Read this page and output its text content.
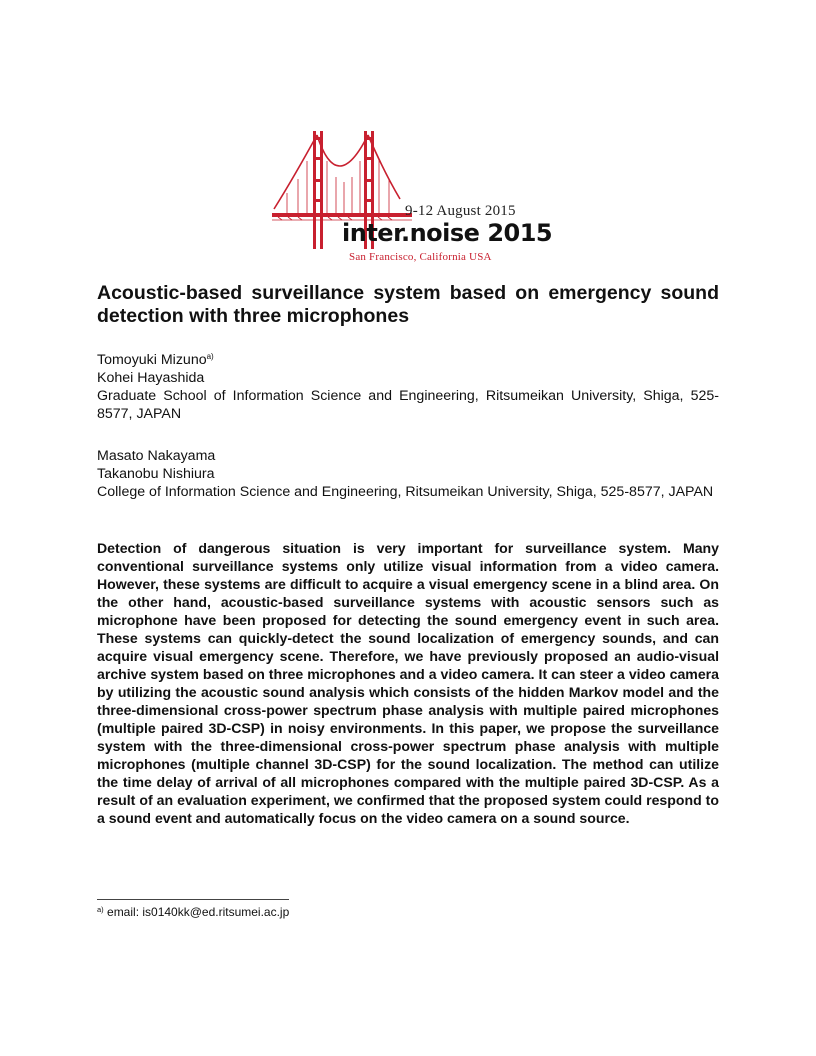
9-12 August 2015
inter.noise 2015
San Francisco, California USA
Acoustic-based surveillance system based on emergency sound detection with three microphones
Tomoyuki Mizuno$^{a)}$
Kohei Hayashida
Graduate School of Information Science and Engineering, Ritsumeikan University, Shiga, 525-8577, JAPAN
Masato Nakayama
Takanobu Nishiura
College of Information Science and Engineering, Ritsumeikan University, Shiga, 525-8577, JAPAN

Detection of dangerous situation is very important for surveillance system. Many conventional surveillance systems only utilize visual information from a video camera. However, these systems are difficult to acquire a visual emergency scene in a blind area. On the other hand, acoustic-based surveillance systems with acoustic sensors such as microphone have been proposed for detecting the sound emergency event in such area. These systems can quickly-detect the sound localization of emergency sounds, and can acquire visual emergency scene. Therefore, we have previously proposed an audio-visual archive system based on three microphones and a video camera. It can steer a video camera by utilizing the acoustic sound analysis which consists of the hidden Markov model and the three-dimensional cross-power spectrum phase analysis with multiple paired microphones (multiple paired 3D-CSP) in noisy environments. In this paper, we propose the surveillance system with the three-dimensional cross-power spectrum phase analysis with multiple microphones (multiple channel 3D-CSP) for the sound localization. The method can utilize the time delay of arrival of all microphones compared with the multiple paired 3D-CSP. As a result of an evaluation experiment, we confirmed that the proposed system could respond to a sound event and automatically focus on the video camera on a sound source.

$^{a)}$ email: is0140kk@ed.ritsumei.ac.jp
